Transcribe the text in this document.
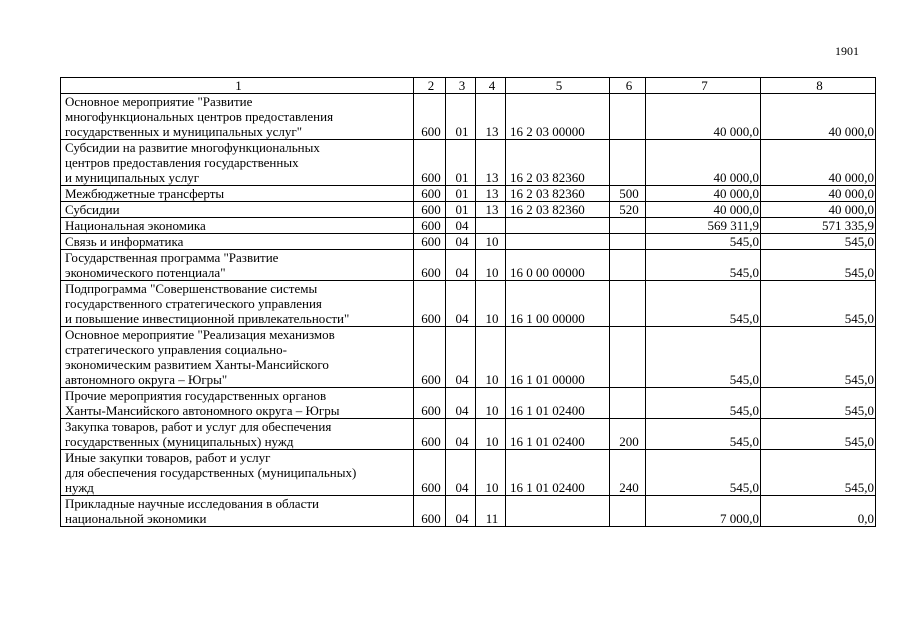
1901
1	2	3	4	5	6	7	8
Основное мероприятие "Развитие
многофункциональных центров предоставления
государственных и муниципальных услуг"	600	01	13	16 2 03 00000		40 000,0	40 000,0
Субсидии на развитие многофункциональных
центров предоставления государственных
и муниципальных услуг	600	01	13	16 2 03 82360		40 000,0	40 000,0
Межбюджетные трансферты	600	01	13	16 2 03 82360	500	40 000,0	40 000,0
Субсидии	600	01	13	16 2 03 82360	520	40 000,0	40 000,0
Национальная экономика	600	04				569 311,9	571 335,9
Связь и информатика	600	04	10			545,0	545,0
Государственная программа "Развитие
экономического потенциала"	600	04	10	16 0 00 00000		545,0	545,0
Подпрограмма "Совершенствование системы
государственного стратегического управления
и повышение инвестиционной привлекательности"	600	04	10	16 1 00 00000		545,0	545,0
Основное мероприятие "Реализация механизмов
стратегического управления социально-
экономическим развитием Ханты-Мансийского
автономного округа – Югры"	600	04	10	16 1 01 00000		545,0	545,0
Прочие мероприятия государственных органов
Ханты-Мансийского автономного округа – Югры	600	04	10	16 1 01 02400		545,0	545,0
Закупка товаров, работ и услуг для обеспечения
государственных (муниципальных) нужд	600	04	10	16 1 01 02400	200	545,0	545,0
Иные закупки товаров, работ и услуг
для обеспечения государственных (муниципальных)
нужд	600	04	10	16 1 01 02400	240	545,0	545,0
Прикладные научные исследования в области
национальной экономики	600	04	11			7 000,0	0,0
